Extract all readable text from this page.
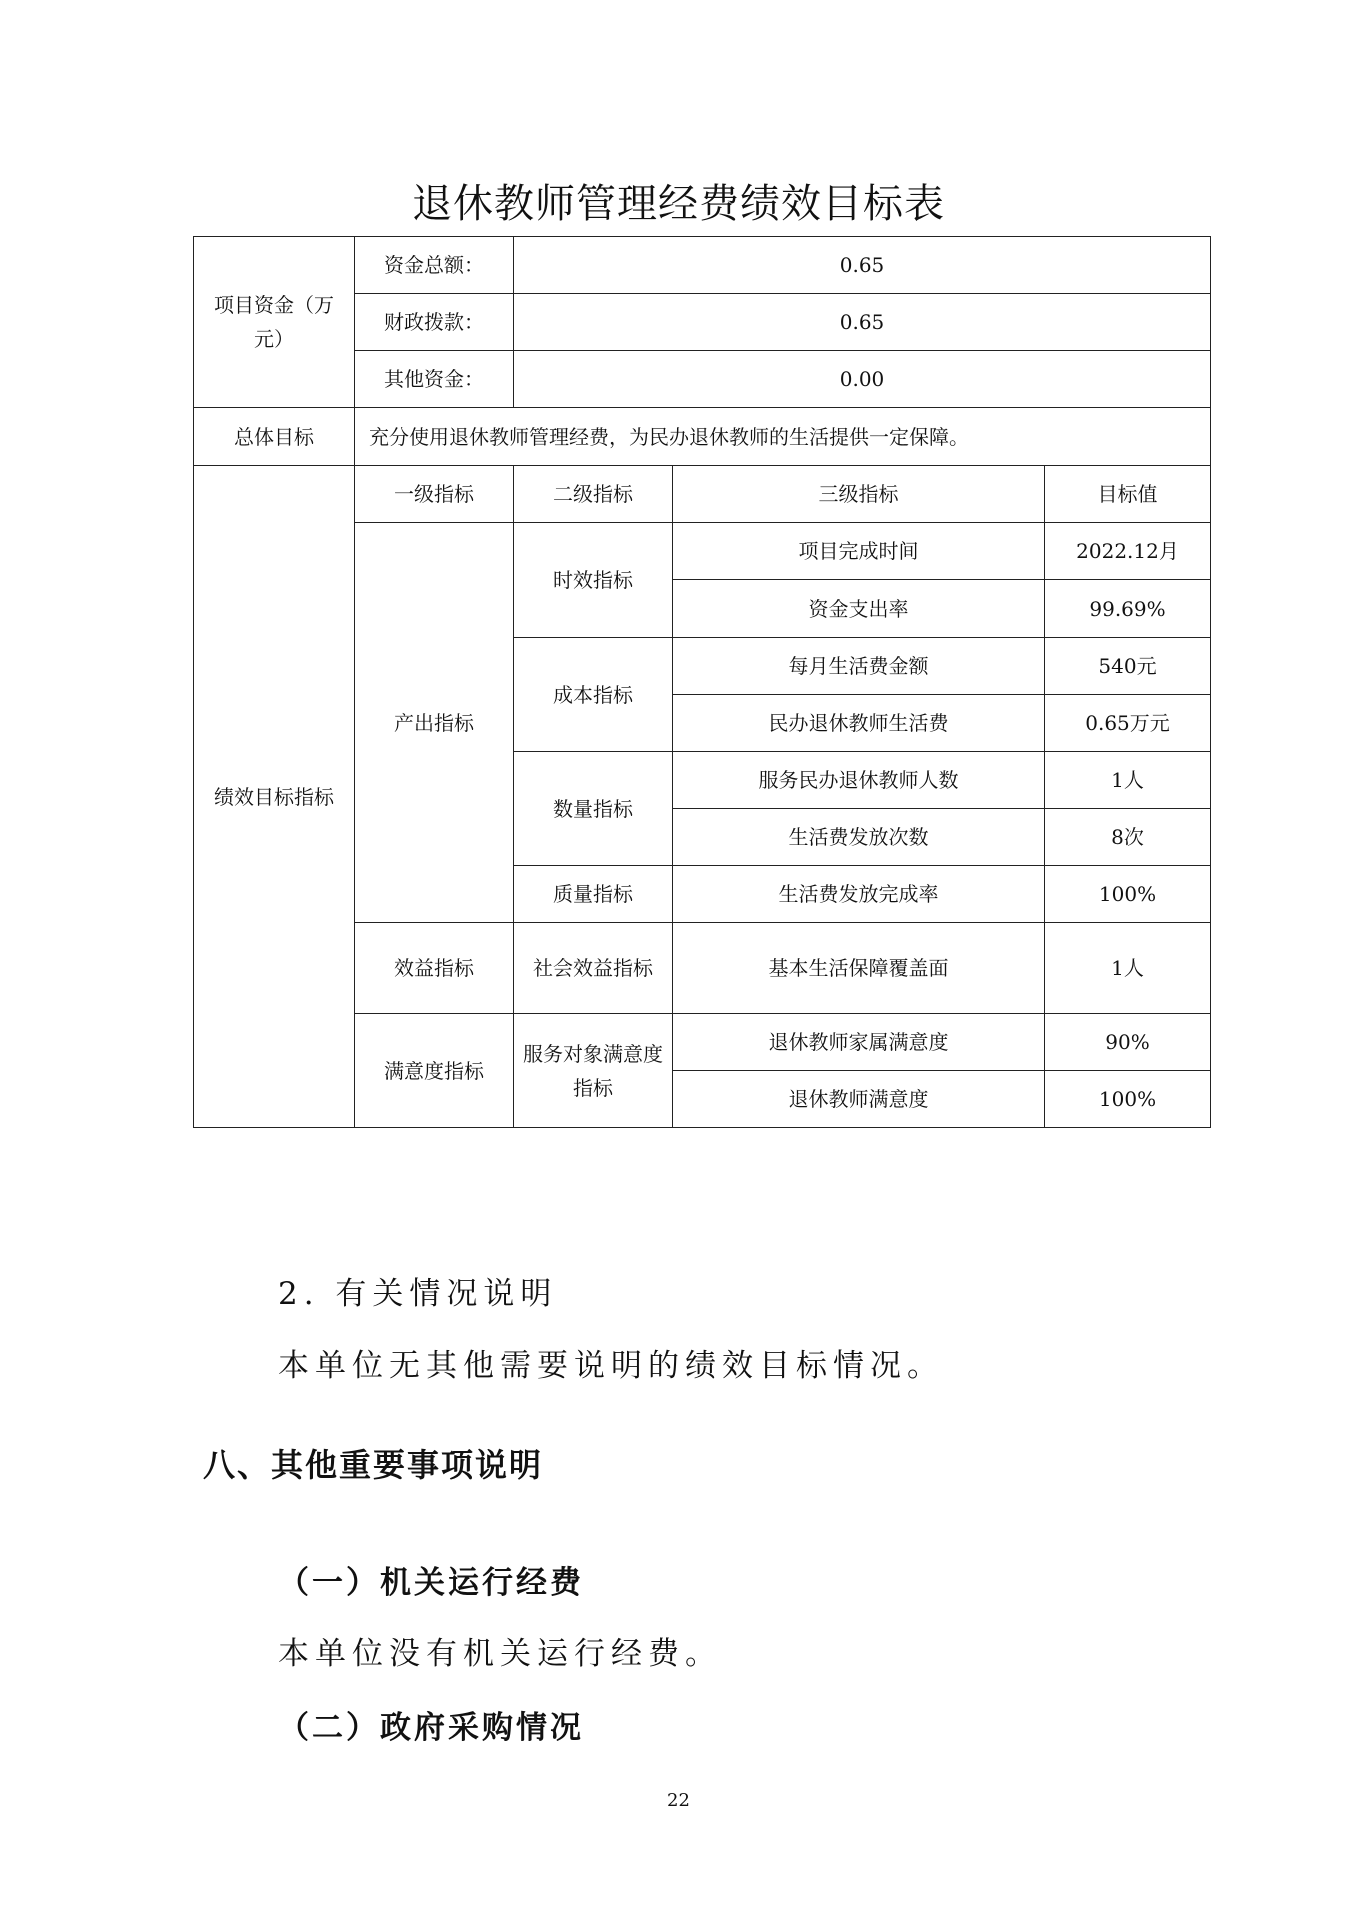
退休教师管理经费绩效目标表
项目资金（万元）	资金总额：	0.65		
	财政拨款：	0.65		
	其他资金：	0.00		
总体目标	充分使用退休教师管理经费，为民办退休教师的生活提供一定保障。			
绩效目标指标	一级指标	二级指标	三级指标	目标值
	产出指标	时效指标	项目完成时间	2022.12月
			资金支出率	99.69%
		成本指标	每月生活费金额	540元
			民办退休教师生活费	0.65万元
		数量指标	服务民办退休教师人数	1人
			生活费发放次数	8次
		质量指标	生活费发放完成率	100%
	效益指标	社会效益指标	基本生活保障覆盖面	1人
	满意度指标	服务对象满意度指标	退休教师家属满意度	90%
			退休教师满意度	100%
2. 有关情况说明
本单位无其他需要说明的绩效目标情况。
八、其他重要事项说明
（一）机关运行经费
本单位没有机关运行经费。
（二）政府采购情况
22
